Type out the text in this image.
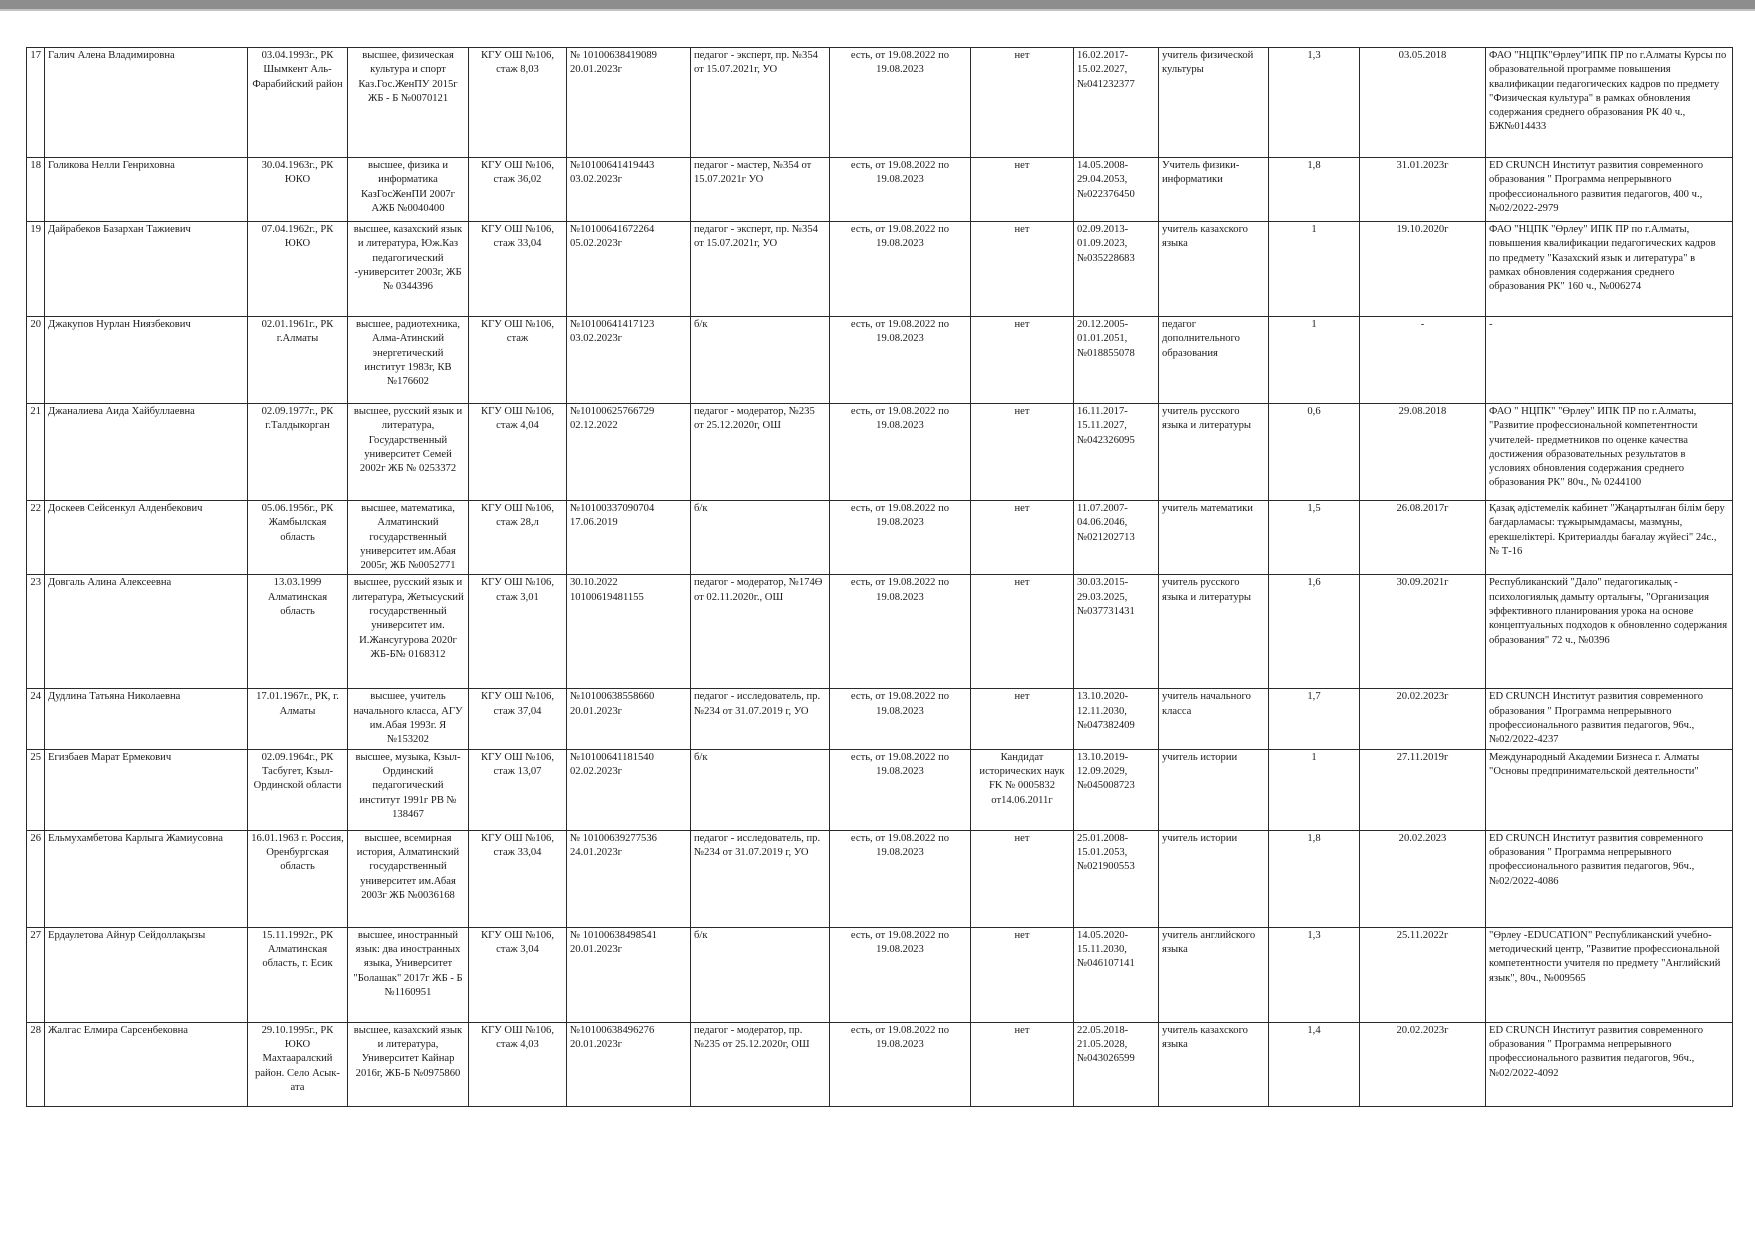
17	Галич Алена Владимировна	03.04.1993г., РК Шымкент Аль-Фарабийский район	высшее, физическая культура и спорт Каз.Гос.ЖенПУ 2015г ЖБ - Б №0070121	КГУ ОШ №106, стаж 8,03	№ 10100638419089 20.01.2023г	педагог - эксперт, пр. №354 от 15.07.2021г, УО	есть, от 19.08.2022 по 19.08.2023	нет	16.02.2017- 15.02.2027, №041232377	учитель физической культуры	1,3	03.05.2018	ФАО "НЦПК"Өрлеу"ИПК ПР по г.Алматы Курсы по образовательной программе повышения квалификации педагогических кадров по предмету "Физическая культура" в рамках обновления содержания среднего образования РК 40 ч., БЖ№014433
18	Голикова Нелли Генриховна	30.04.1963г., РК ЮКО	высшее, физика и информатика КазГосЖенПИ 2007г АЖБ №0040400	КГУ ОШ №106, стаж 36,02	№10100641419443 03.02.2023г	педагог - мастер, №354 от 15.07.2021г УО	есть, от 19.08.2022 по 19.08.2023	нет	14.05.2008- 29.04.2053, №022376450	Учитель физики- информатики	1,8	31.01.2023г	ED CRUNCH Институт развития современного образования " Программа непрерывного профессионального развития педагогов, 400 ч., №02/2022-2979
19	Дайрабеков Базархан Тажиевич	07.04.1962г., РК ЮКО	высшее, казахский язык и литература, Юж.Каз педагогический -университет 2003г, ЖБ № 0344396	КГУ ОШ №106, стаж 33,04	№10100641672264 05.02.2023г	педагог - эксперт, пр. №354 от 15.07.2021г, УО	есть, от 19.08.2022 по 19.08.2023	нет	02.09.2013- 01.09.2023, №035228683	учитель казахского языка	1	19.10.2020г	ФАО "НЦПК "Өрлеу" ИПК ПР по г.Алматы, повышения квалификации педагогических кадров по предмету "Казахский язык и литература" в рамках обновления содержания среднего образования РК" 160 ч., №006274
20	Джакупов Нурлан Ниязбекович	02.01.1961г., РК г.Алматы	высшее, радиотехника, Алма-Атинский энергетический институт 1983г, КВ №176602	КГУ ОШ №106, стаж	№10100641417123 03.02.2023г	б/к	есть, от 19.08.2022 по 19.08.2023	нет	20.12.2005- 01.01.2051, №018855078	педагог дополнительного образования	1	-	-
21	Джаналиева Аида Хайбуллаевна	02.09.1977г., РК г.Талдыкорган	высшее, русский язык и литература, Государственный университет Семей 2002г ЖБ № 0253372	КГУ ОШ №106, стаж 4,04	№10100625766729 02.12.2022	педагог - модератор, №235 от 25.12.2020г, ОШ	есть, от 19.08.2022 по 19.08.2023	нет	16.11.2017- 15.11.2027, №042326095	учитель русского языка и литературы	0,6	29.08.2018	ФАО " НЦПК" "Өрлеу" ИПК ПР по г.Алматы, "Развитие профессиональной компетентности учителей- предметников по оценке качества достижения образовательных результатов в условиях обновления содержания среднего образования РК" 80ч., № 0244100
22	Доскеев Сейсенкул Алденбекович	05.06.1956г., РК Жамбылская область	высшее, математика, Алматинский государственный университет им.Абая 2005г, ЖБ №0052771	КГУ ОШ №106, стаж 28,л	№10100337090704 17.06.2019	б/к	есть, от 19.08.2022 по 19.08.2023	нет	11.07.2007- 04.06.2046, №021202713	учитель математики	1,5	26.08.2017г	Қазақ әдістемелік кабинет "Жаңартылған білім беру бағдарламасы: тұжырымдамасы, мазмұны, ерекшеліктері. Критериалды бағалау жүйесі" 24с., № Т-16
23	Довгаль Алина Алексеевна	13.03.1999 Алматинская область	высшее, русский язык и литература, Жетысуский государственный университет им. И.Жансугурова 2020г ЖБ-Б№ 0168312	КГУ ОШ №106, стаж 3,01	30.10.2022 10100619481155	педагог - модератор, №174Ө от 02.11.2020г., ОШ	есть, от 19.08.2022 по 19.08.2023	нет	30.03.2015- 29.03.2025, №037731431	учитель русского языка и литературы	1,6	30.09.2021г	Республиканский "Дало" педагогикалық - психологиялық дамыту орталығы, "Организация эффективного планирования урока на основе концептуальных подходов к обновленно содержания образования" 72 ч., №0396
24	Дудлина Татьяна Николаевна	17.01.1967г., РК, г. Алматы	высшее, учитель начального класса, АГУ им.Абая 1993г. Я №153202	КГУ ОШ №106, стаж 37,04	№10100638558660 20.01.2023г	педагог - исследователь, пр.№234 от 31.07.2019 г, УО	есть, от 19.08.2022 по 19.08.2023	нет	13.10.2020- 12.11.2030, №047382409	учитель начального класса	1,7	20.02.2023г	ED CRUNCH Институт развития современного образования " Программа непрерывного профессионального развития педагогов, 96ч., №02/2022-4237
25	Егизбаев Марат Ермекович	02.09.1964г., РК Тасбугет, Кзыл-Ординской области	высшее, музыка, Кзыл- Ординский педагогический институт 1991г РВ № 138467	КГУ ОШ №106, стаж 13,07	№10100641181540 02.02.2023г	б/к	есть, от 19.08.2022 по 19.08.2023	Кандидат исторических наук FK № 0005832 от14.06.2011г	13.10.2019- 12.09.2029, №045008723	учитель истории	1	27.11.2019г	Международный Академии Бизнеса г. Алматы "Основы предпринимательской деятельности"
26	Ельмухамбетова Карлыга Жамиусовна	16.01.1963 г. Россия, Оренбургская область	высшее, всемирная история, Алматинский государственный университет им.Абая 2003г ЖБ №0036168	КГУ ОШ №106, стаж 33,04	№ 10100639277536 24.01.2023г	педагог - исследователь, пр.№234 от 31.07.2019 г, УО	есть, от 19.08.2022 по 19.08.2023	нет	25.01.2008- 15.01.2053, №021900553	учитель истории	1,8	20.02.2023	ED CRUNCH Институт развития современного образования " Программа непрерывного профессионального развития педагогов, 96ч., №02/2022-4086
27	Ердаулетова Айнур Сейдоллақызы	15.11.1992г., РК Алматинская область, г. Есик	высшее, иностранный язык: два иностранных языка, Университет "Болашак" 2017г ЖБ - Б №1160951	КГУ ОШ №106, стаж 3,04	№ 10100638498541 20.01.2023г	б/к	есть, от 19.08.2022 по 19.08.2023	нет	14.05.2020- 15.11.2030, №046107141	учитель английского языка	1,3	25.11.2022г	"Өрлеу -EDUCATION" Республиканский учебно- методический центр, "Развитие профессиональной компетентности учителя по предмету "Английский язык", 80ч., №009565
28	Жалгас Елмира Сарсенбековна	29.10.1995г., РК ЮКО Махтааралский район. Село Асык-ата	высшее, казахский язык и литература, Университет Кайнар 2016г, ЖБ-Б №0975860	КГУ ОШ №106, стаж 4,03	№10100638496276 20.01.2023г	педагог - модератор, пр. №235 от 25.12.2020г, ОШ	есть, от 19.08.2022 по 19.08.2023	нет	22.05.2018- 21.05.2028, №043026599	учитель казахского языка	1,4	20.02.2023г	ED CRUNCH Институт развития современного образования " Программа непрерывного профессионального развития педагогов, 96ч., №02/2022-4092
